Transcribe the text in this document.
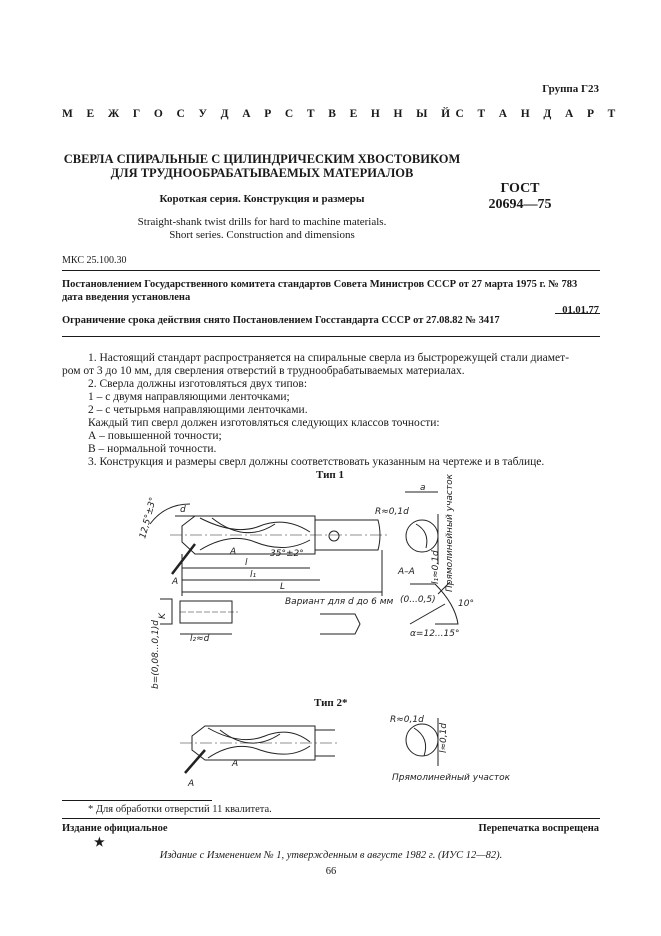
Группа Г23
М Е Ж Г О С У Д А Р С Т В Е Н Н Ы Й С Т А Н Д А Р Т
СВЕРЛА СПИРАЛЬНЫЕ С ЦИЛИНДРИЧЕСКИМ ХВОСТОВИКОМ
ДЛЯ ТРУДНООБРАБАТЫВАЕМЫХ МАТЕРИАЛОВ
Короткая серия. Конструкция и размеры
Straight-shank twist drills for hard to machine materials.
Short series. Construction and dimensions
ГОСТ
20694—75
МКС 25.100.30
Постановлением Государственного комитета стандартов Совета Министров СССР от 27 марта 1975 г. № 783
дата введения установлена
01.01.77
Ограничение срока действия снято Постановлением Госстандарта СССР от 27.08.82 № 3417

1. Настоящий стандарт распространяется на спиральные сверла из быстрорежущей стали диамет-

ром от 3 до 10 мм, для сверления отверстий в труднообрабатываемых материалах.

2. Сверла должны изготовляться двух типов:

1 – с двумя направляющими ленточками;

2 – с четырьмя направляющими ленточками.

Каждый тип сверл должен изготовляться следующих классов точности:

А – повышенной точности;

В – нормальной точности.

3. Конструкция и размеры сверл должны соответствовать указанным на чертеже и в таблице.

Тип 1
12,5°±3° d
A
A
35°±2°
l
l₁
L
Вариант для d до 6 мм
R≈0,1d
a
А–А l₁≈0,1d Прямолинейный участок
K
l₂≈d
b=(0,08...0,1)d
(0...0,5) 10°
α=12...15°
Тип 2*
A
A
R≈0,1d
l≈0,1d
Прямолинейный участок
* Для обработки отверстий 11 квалитета.
Издание официальное	Перепечатка воспрещена
★
Издание с Изменением № 1, утвержденным в августе 1982 г. (ИУС 12—82).
66
